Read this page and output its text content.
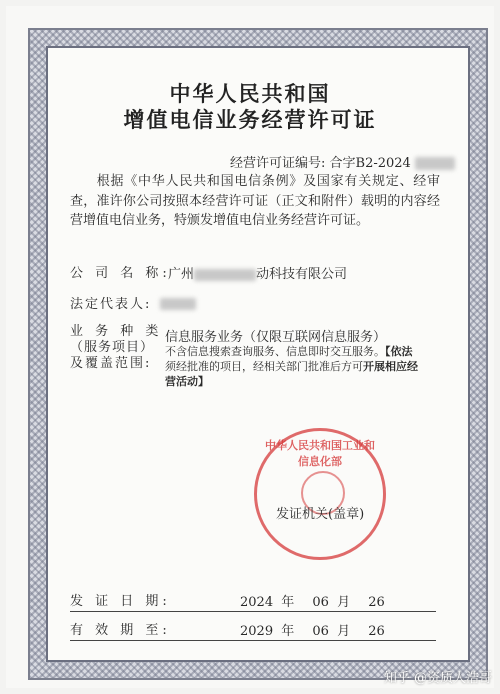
中华人民共和国
增值电信业务经营许可证
经营许可证编号: 合字B2-2024
根据《中华人民共和国电信条例》及国家有关规定、经审查，准许你公司按照本经营许可证（正文和附件）载明的内容经营增值电信业务，特颁发增值电信业务经营许可证。
公 司 名 称:
广州	动科技有限公司
法定代表人:
业 务 种 类
（服务项目）
及覆盖范围:
信息服务业务（仅限互联网信息服务）
不含信息搜索查询服务、信息即时交互服务。【依法
须经批准的项目，经相关部门批准后方可开展相应经
营活动】
中华人民共和国工业和信息化部
发证机关(盖章)
发 证 日 期:	2024 年 06 月 26
有 效 期 至:	2029 年 06 月 26
知乎 @资质人浩哥
